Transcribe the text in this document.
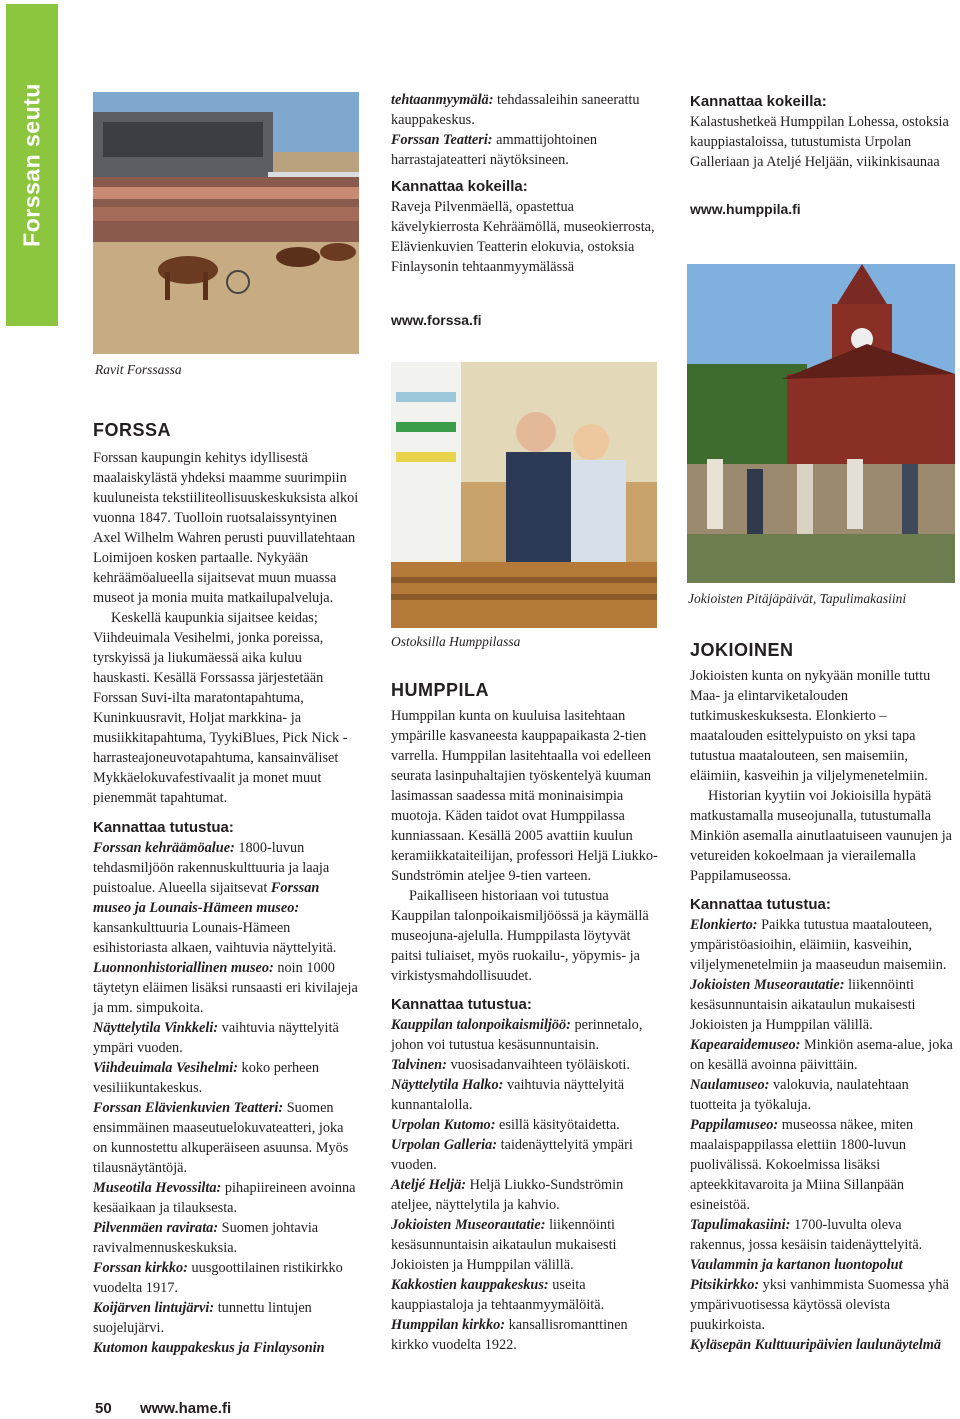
Forssan seutu	tehtaanmyymälä: tehdassaleihin saneerattu kauppakeskus.

Forssan Teatteri: ammattijohtoinen harrastajateatteri näytöksineen.

Kannattaa kokeilla:

Raveja Pilvenmäellä, opastettua kävelykierrosta Kehräämöllä, museokierrosta, Elävienkuvien Teatterin elokuvia, ostoksia Finlaysonin tehtaanmyymälässä

www.forssa.fi

Kannattaa kokeilla:

Kalastushetkeä Humppilan Lohessa, ostoksia kauppiastaloissa, tutustumista Urpolan Galleriaan ja Ateljé Heljään, viikinkisaunaa

www.humppila.fi
Ravit Forssassa

FORSSA

Forssan kaupungin kehitys idyllisestä maalaiskylästä yhdeksi maamme suurimpiin kuuluneista tekstiiliteollisuuskeskuksista alkoi vuonna 1847. Tuolloin ruotsalaissyntyinen Axel Wilhelm Wahren perusti puuvillatehtaan Loimijoen kosken partaalle. Nykyään kehräämöalueella sijaitsevat muun muassa museot ja monia muita matkailupalveluja.

Keskellä kaupunkia sijaitsee keidas; Viihdeuimala Vesihelmi, jonka poreissa, tyrskyissä ja liukumäessä aika kuluu hauskasti. Kesällä Forssassa järjestetään Forssan Suvi-ilta maratontapahtuma, Kuninkuusravit, Holjat markkina- ja musiikkitapahtuma, TyykiBlues, Pick Nick -harrasteajoneuvotapahtuma, kansainväliset Mykkäelokuvafestivaalit ja monet muut pienemmät tapahtumat.

Kannattaa tutustua:

Forssan kehräämöalue: 1800-luvun tehdasmiljöön rakennuskulttuuria ja laaja puistoalue. Alueella sijaitsevat Forssan museo ja Lounais-Hämeen museo: kansankulttuuria Lounais-Hämeen esihistoriasta alkaen, vaihtuvia näyttelyitä.

Luonnonhistoriallinen museo: noin 1000 täytetyn eläimen lisäksi runsaasti eri kivilajeja ja mm. simpukoita.

Näyttelytila Vinkkeli: vaihtuvia näyttelyitä ympäri vuoden.

Viihdeuimala Vesihelmi: koko perheen vesiliikuntakeskus.

Forssan Elävienkuvien Teatteri: Suomen ensimmäinen maaseutuelokuvateatteri, joka on kunnostettu alkuperäiseen asuunsa. Myös tilausnäytäntöjä.

Museotila Hevossilta: pihapiireineen avoinna kesäaikaan ja tilauksesta.

Pilvenmäen ravirata: Suomen johtavia ravivalmennuskeskuksia.

Forssan kirkko: uusgoottilainen ristikirkko vuodelta 1917.

Koijärven lintujärvi: tunnettu lintujen suojelujärvi.

Kutomon kauppakeskus ja Finlaysonin

Ostoksilla Humppilassa

HUMPPILA

Humppilan kunta on kuuluisa lasitehtaan ympärille kasvaneesta kauppapaikasta 2-tien varrella. Humppilan lasitehtaalla voi edelleen seurata lasinpuhaltajien työskentelyä kuuman lasimassan saadessa mitä moninaisimpia muotoja. Käden taidot ovat Humppilassa kunniassaan. Kesällä 2005 avattiin kuulun keramiikkataiteilijan, professori Heljä Liukko-Sundströmin ateljee 9-tien varteen.

Paikalliseen historiaan voi tutustua Kauppilan talonpoikaismiljöössä ja käymällä museojuna-ajelulla. Humppilasta löytyvät paitsi tuliaiset, myös ruokailu-, yöpymis- ja virkistysmahdollisuudet.

Kannattaa tutustua:

Kauppilan talonpoikaismiljöö: perinnetalo, johon voi tutustua kesäsunnuntaisin.

Talvinen: vuosisadanvaihteen työläiskoti.

Näyttelytila Halko: vaihtuvia näyttelyitä kunnantalolla.

Urpolan Kutomo: esillä käsityötaidetta.

Urpolan Galleria: taidenäyttelyitä ympäri vuoden.

Ateljé Heljä: Heljä Liukko-Sundströmin ateljee, näyttelytila ja kahvio.

Jokioisten Museorautatie: liikennöinti kesäsunnuntaisin aikataulun mukaisesti Jokioisten ja Humppilan välillä.

Kakkostien kauppakeskus: useita kauppiastaloja ja tehtaanmyymälöitä.

Humppilan kirkko: kansallisromanttinen kirkko vuodelta 1922.

Jokioisten Pitäjäpäivät, Tapulimakasiini

JOKIOINEN

Jokioisten kunta on nykyään monille tuttu Maa- ja elintarviketalouden tutkimuskeskuksesta. Elonkierto – maatalouden esittelypuisto on yksi tapa tutustua maatalouteen, sen maisemiin, eläimiin, kasveihin ja viljelymenetelmiin.

Historian kyytiin voi Jokioisilla hypätä matkustamalla museojunalla, tutustumalla Minkiön asemalla ainutlaatuiseen vaunujen ja vetureiden kokoelmaan ja vierailemalla Pappilamuseossa.

Kannattaa tutustua:

Elonkierto: Paikka tutustua maatalouteen, ympäristöasioihin, eläimiin, kasveihin, viljelymenetelmiin ja maaseudun maisemiin.

Jokioisten Museorautatie: liikennöinti kesäsunnuntaisin aikataulun mukaisesti Jokioisten ja Humppilan välillä.

Kapearaidemuseo: Minkiön asema-alue, joka on kesällä avoinna päivittäin.

Naulamuseo: valokuvia, naulatehtaan tuotteita ja työkaluja.

Pappilamuseo: museossa näkee, miten maalaispappilassa elettiin 1800-luvun puolivälissä. Kokoelmissa lisäksi apteekkitavaroita ja Miina Sillanpään esineistöä.

Tapulimakasiini: 1700-luvulta oleva rakennus, jossa kesäisin taidenäyttelyitä.

Vaulammin ja kartanon luontopolut

Pitsikirkko: yksi vanhimmista Suomessa yhä ympärivuotisessa käytössä olevista puukirkoista.

Kyläsepän Kulttuuripäivien laulunäytelmä

50 www.hame.fi
